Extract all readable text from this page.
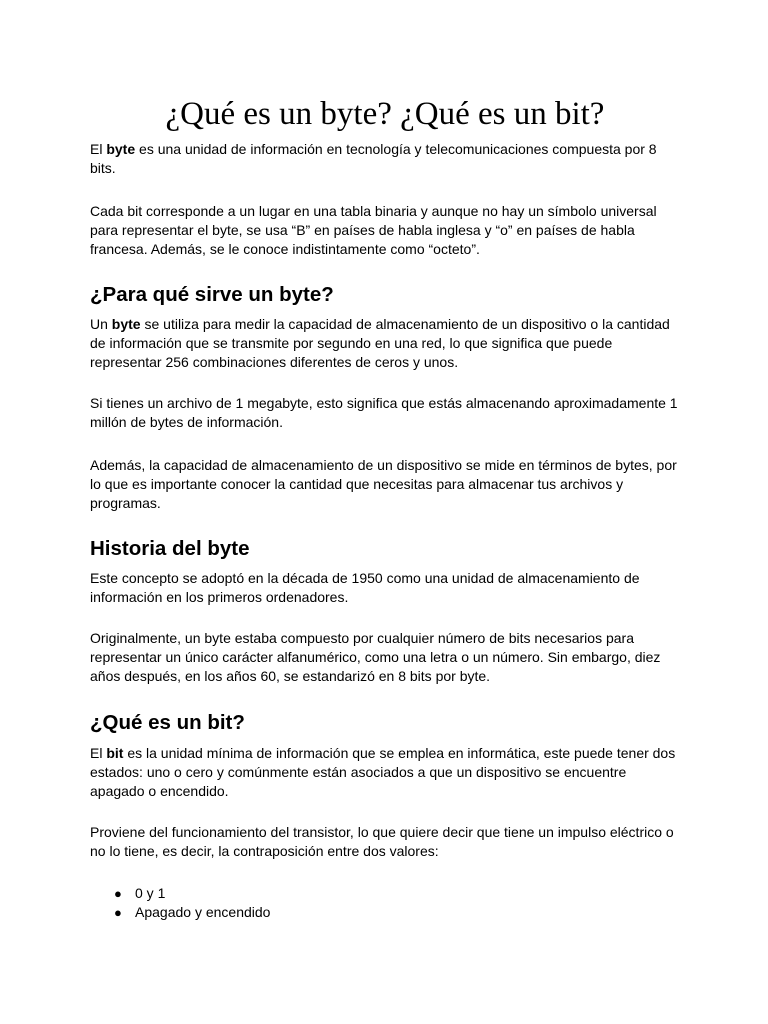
¿Qué es un byte? ¿Qué es un bit?

El byte es una unidad de información en tecnología y telecomunicaciones compuesta por 8 bits.

Cada bit corresponde a un lugar en una tabla binaria y aunque no hay un símbolo universal para representar el byte, se usa “B” en países de habla inglesa y “o” en países de habla francesa. Además, se le conoce indistintamente como “octeto”.

¿Para qué sirve un byte?

Un byte se utiliza para medir la capacidad de almacenamiento de un dispositivo o la cantidad de información que se transmite por segundo en una red, lo que significa que puede representar 256 combinaciones diferentes de ceros y unos.

Si tienes un archivo de 1 megabyte, esto significa que estás almacenando aproximadamente 1 millón de bytes de información.

Además, la capacidad de almacenamiento de un dispositivo se mide en términos de bytes, por lo que es importante conocer la cantidad que necesitas para almacenar tus archivos y programas.

Historia del byte

Este concepto se adoptó en la década de 1950 como una unidad de almacenamiento de información en los primeros ordenadores.

Originalmente, un byte estaba compuesto por cualquier número de bits necesarios para representar un único carácter alfanumérico, como una letra o un número. Sin embargo, diez años después, en los años 60, se estandarizó en 8 bits por byte.

¿Qué es un bit?

El bit es la unidad mínima de información que se emplea en informática, este puede tener dos estados: uno o cero y comúnmente están asociados a que un dispositivo se encuentre apagado o encendido.

Proviene del funcionamiento del transistor, lo que quiere decir que tiene un impulso eléctrico o no lo tiene, es decir, la contraposición entre dos valores:

● 0 y 1
● Apagado y encendido
